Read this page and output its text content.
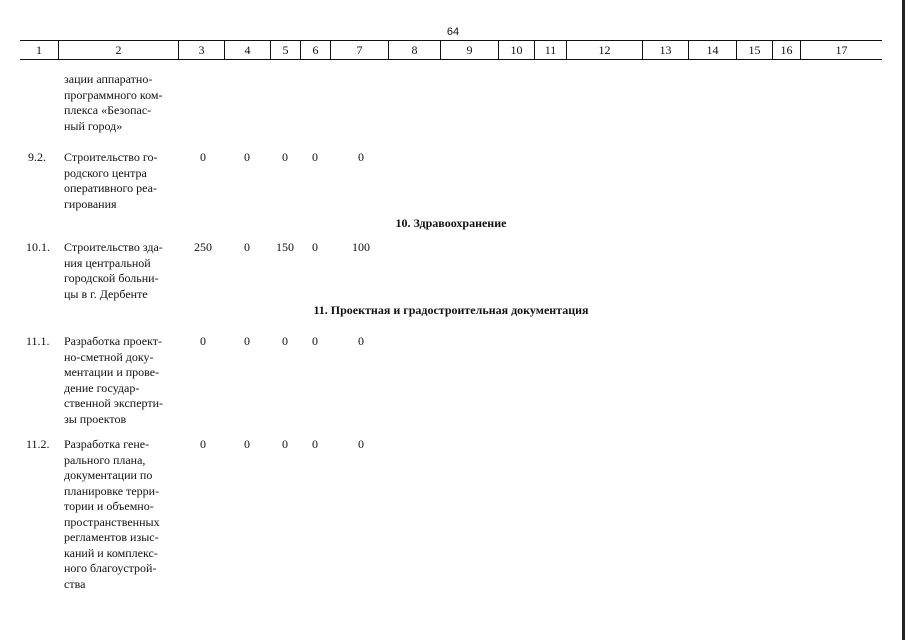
64
1	2	3	4	5	6	7	8	9	10	11	12	13	14	15	16	17
зации аппаратно-
программного ком-
плекса «Безопас-
ный город»
9.2. Строительство го-
родского центра
оперативного реа-
гирования
0	0	0	0	0
10. Здравоохранение
10.1. Строительство зда-
ния центральной
городской больни-
цы в г. Дербенте
250	0	150	0	100
11. Проектная и градостроительная документация
11.1. Разработка проект-
но-сметной доку-
ментации и прове-
дение государ-
ственной эксперти-
зы проектов
0	0	0	0	0
11.2. Разработка гене-
рального плана,
документации по
планировке терри-
тории и объемно-
пространственных
регламентов изыс-
каний и комплекс-
ного благоустрой-
ства
0	0	0	0	0
